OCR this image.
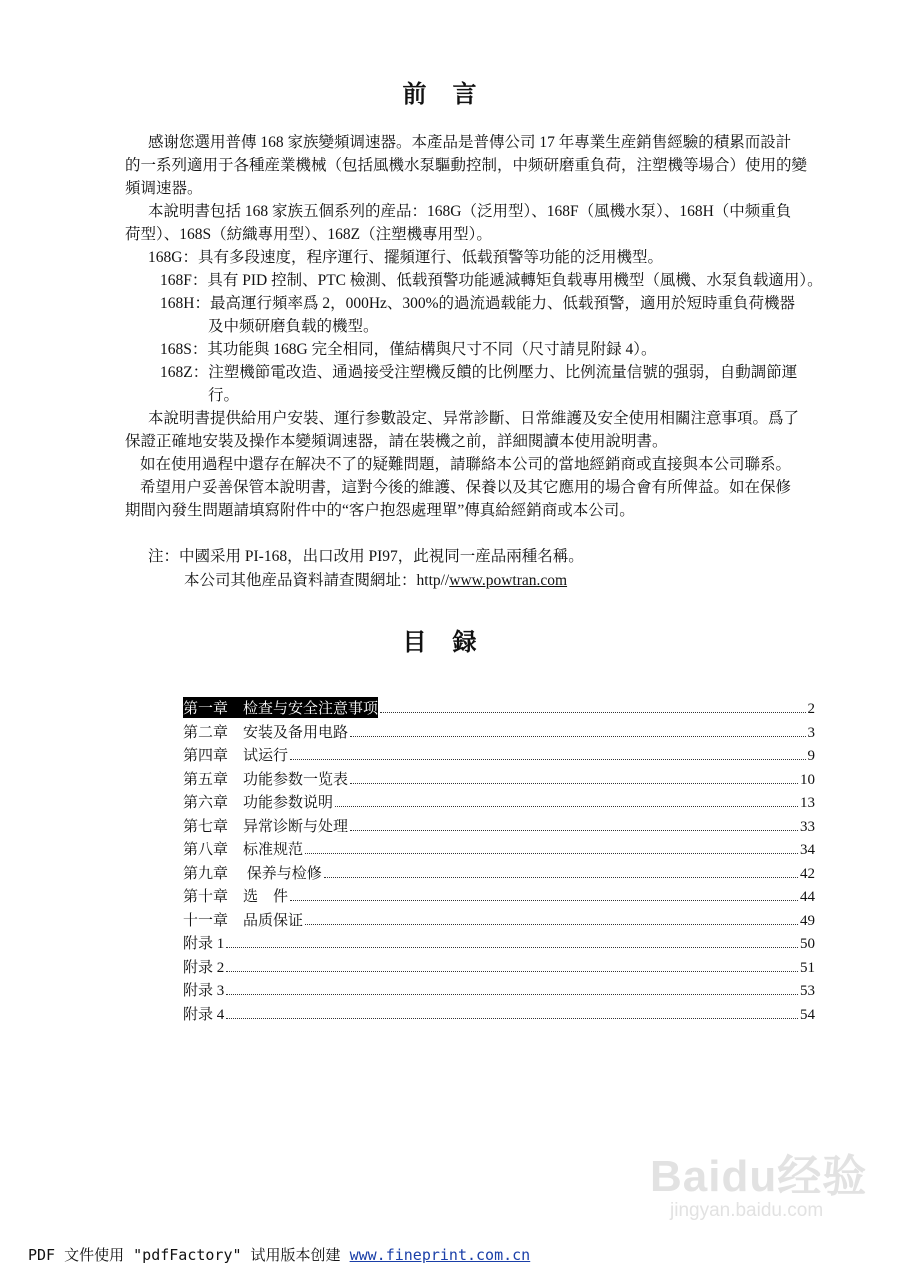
前言
感谢您選用普傳 168 家族變頻调速器。本產品是普傳公司 17 年專業生産銷售經驗的積累而設計
的一系列適用于各種産業機械（包括風機水泵驅動控制，中频研磨重負荷，注塑機等場合）使用的變
頻调速器。
本說明書包括 168 家族五個系列的産品：168G（泛用型）、168F（風機水泵）、168H（中频重負
荷型）、168S（紡織專用型）、168Z（注塑機專用型）。
168G：具有多段速度，程序運行、擺頻運行、低载預警等功能的泛用機型。
168F：具有 PID 控制、PTC 檢測、低载預警功能遞減轉矩負载專用機型（風機、水泵負载適用）。
168H：最高運行頻率爲 2，000Hz、300%的過流過载能力、低载預警，適用於短時重負荷機器
及中频研磨負载的機型。
168S：其功能與 168G 完全相同，僅結構與尺寸不同（尺寸請見附録 4）。
168Z：注塑機節電改造、通過接受注塑機反饋的比例壓力、比例流量信號的强弱，自動調節運
行。
本說明書提供給用户安裝、運行参數設定、异常診斷、日常維護及安全使用相關注意事項。爲了
保證正確地安裝及操作本變頻调速器，請在裝機之前，詳細閱讀本使用說明書。
如在使用過程中還存在解决不了的疑難問題，請聯絡本公司的當地經銷商或直接與本公司聯系。
希望用户妥善保管本說明書，這對今後的維護、保養以及其它應用的場合會有所俾益。如在保修
期間內發生問題請填寫附件中的“客户抱怨處理單”傳真給經銷商或本公司。
注：中國采用 PI-168，出口改用 PI97，此視同一産品兩種名稱。
本公司其他産品資料請查閱網址：http//www.powtran.com
目録
第一章　检查与安全注意事项	2
第二章　安装及备用电路	3
第四章　试运行	9
第五章　功能参数一览表	10
第六章　功能参数说明	13
第七章　异常诊断与处理	33
第八章　标准规范	34
第九章　 保养与检修	42
第十章　选　件	44
十一章　品质保证	49
附录 1	50
附录 2	51
附录 3	53
附录 4	54
Baidu经验
jingyan.baidu.com
PDF 文件使用 "pdfFactory" 试用版本创建 www.fineprint.com.cn
